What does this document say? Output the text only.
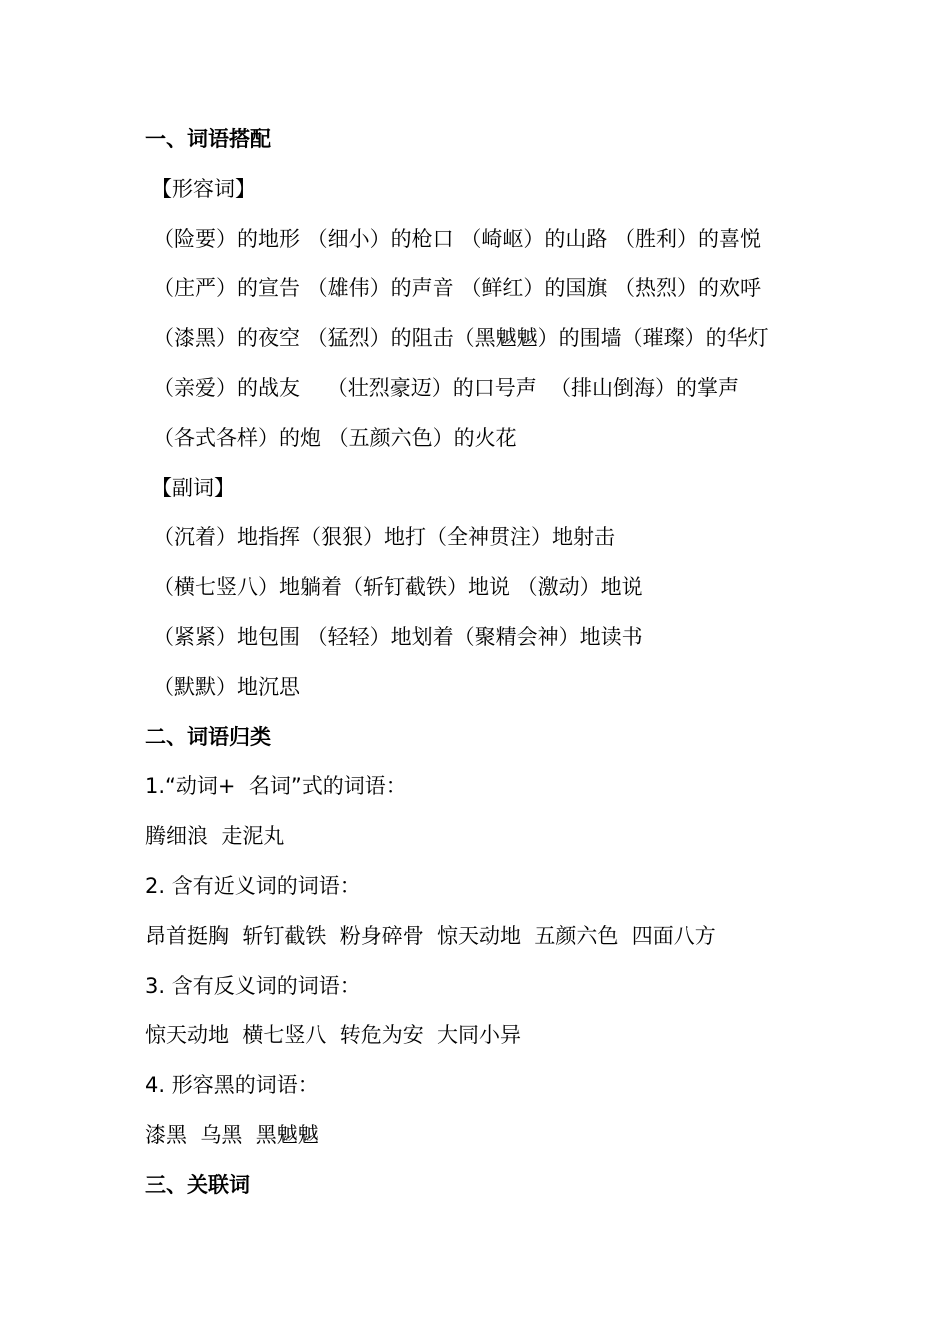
一、词语搭配
【形容词】
（险要）的地形 （细小）的枪口 （崎岖）的山路 （胜利）的喜悦
（庄严）的宣告 （雄伟）的声音 （鲜红）的国旗 （热烈）的欢呼
（漆黑）的夜空 （猛烈）的阻击（黑魆魆）的围墙（璀璨）的华灯
（亲爱）的战友    （壮烈豪迈）的口号声  （排山倒海）的掌声
（各式各样）的炮 （五颜六色）的火花
【副词】
（沉着）地指挥（狠狠）地打（全神贯注）地射击
（横七竖八）地躺着（斩钉截铁）地说 （激动）地说
（紧紧）地包围 （轻轻）地划着（聚精会神）地读书
（默默）地沉思
二、词语归类
1.“动词+  名词”式的词语：
腾细浪  走泥丸
2. 含有近义词的词语：
昂首挺胸  斩钉截铁  粉身碎骨  惊天动地  五颜六色  四面八方
3. 含有反义词的词语：
惊天动地  横七竖八  转危为安  大同小异
4. 形容黑的词语：
漆黑  乌黑  黑魆魆
三、关联词
